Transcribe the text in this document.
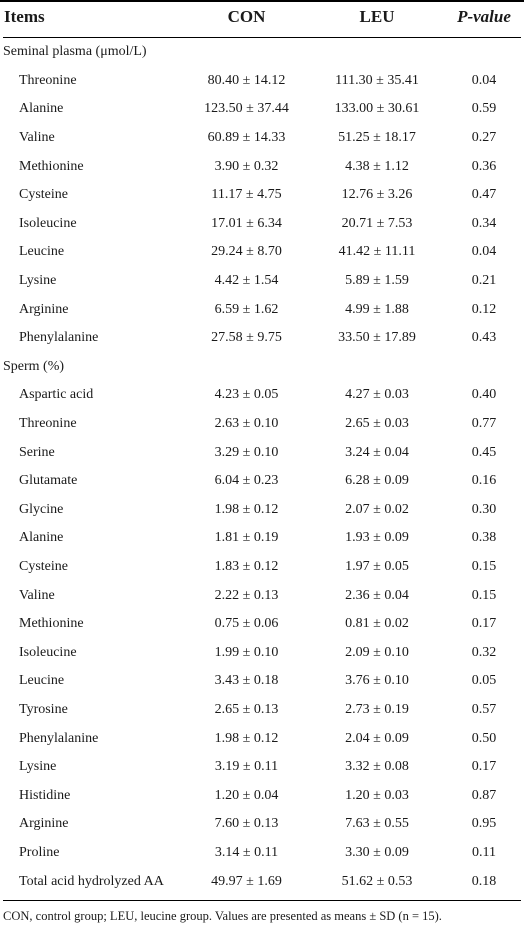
Items	CON	LEU	P-value

Seminal plasma (μmol/L)			
Threonine	80.40 ± 14.12	111.30 ± 35.41	0.04
Alanine	123.50 ± 37.44	133.00 ± 30.61	0.59
Valine	60.89 ± 14.33	51.25 ± 18.17	0.27
Methionine	3.90 ± 0.32	4.38 ± 1.12	0.36
Cysteine	11.17 ± 4.75	12.76 ± 3.26	0.47
Isoleucine	17.01 ± 6.34	20.71 ± 7.53	0.34
Leucine	29.24 ± 8.70	41.42 ± 11.11	0.04
Lysine	4.42 ± 1.54	5.89 ± 1.59	0.21
Arginine	6.59 ± 1.62	4.99 ± 1.88	0.12
Phenylalanine	27.58 ± 9.75	33.50 ± 17.89	0.43
Sperm (%)			
Aspartic acid	4.23 ± 0.05	4.27 ± 0.03	0.40
Threonine	2.63 ± 0.10	2.65 ± 0.03	0.77
Serine	3.29 ± 0.10	3.24 ± 0.04	0.45
Glutamate	6.04 ± 0.23	6.28 ± 0.09	0.16
Glycine	1.98 ± 0.12	2.07 ± 0.02	0.30
Alanine	1.81 ± 0.19	1.93 ± 0.09	0.38
Cysteine	1.83 ± 0.12	1.97 ± 0.05	0.15
Valine	2.22 ± 0.13	2.36 ± 0.04	0.15
Methionine	0.75 ± 0.06	0.81 ± 0.02	0.17
Isoleucine	1.99 ± 0.10	2.09 ± 0.10	0.32
Leucine	3.43 ± 0.18	3.76 ± 0.10	0.05
Tyrosine	2.65 ± 0.13	2.73 ± 0.19	0.57
Phenylalanine	1.98 ± 0.12	2.04 ± 0.09	0.50
Lysine	3.19 ± 0.11	3.32 ± 0.08	0.17
Histidine	1.20 ± 0.04	1.20 ± 0.03	0.87
Arginine	7.60 ± 0.13	7.63 ± 0.55	0.95
Proline	3.14 ± 0.11	3.30 ± 0.09	0.11
Total acid hydrolyzed AA	49.97 ± 1.69	51.62 ± 0.53	0.18

CON, control group; LEU, leucine group. Values are presented as means ± SD (n = 15).
